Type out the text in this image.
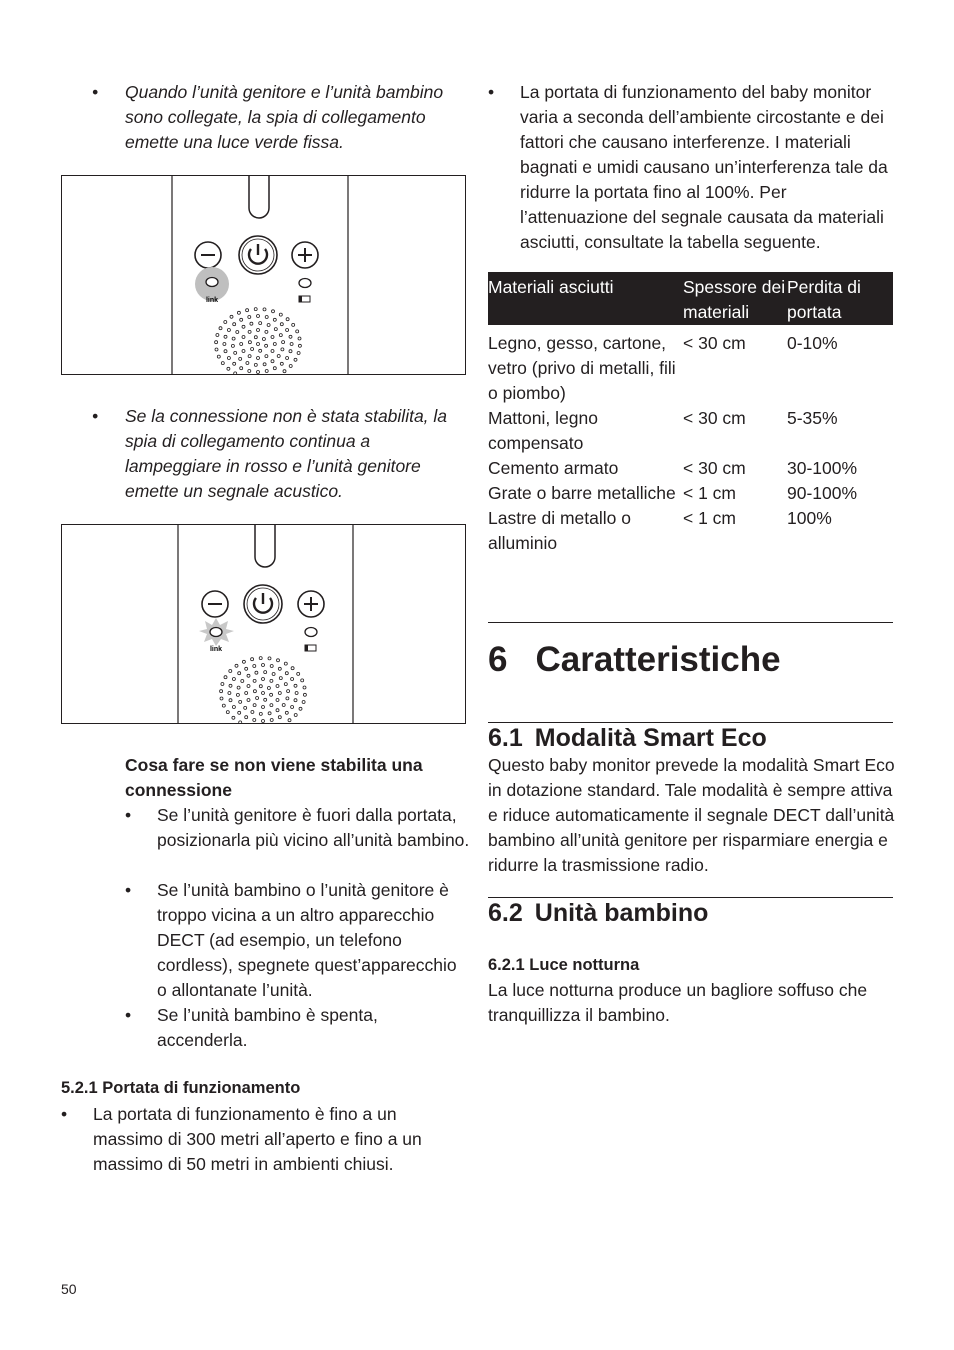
• Quando l’unità genitore e l’unità bambino sono collegate, la spia di collegamento emette una luce verde fissa.
link
• Se la connessione non è stata stabilita, la spia di collegamento continua a lampeggiare in rosso e l’unità genitore emette un segnale acustico.
link
Cosa fare se non viene stabilita una connessione
• Se l’unità genitore è fuori dalla portata, posizionarla più vicino all’unità bambino.
• Se l’unità bambino o l’unità genitore è troppo vicina a un altro apparecchio DECT (ad esempio, un telefono cordless), spegnete quest’apparecchio o allontanate l’unità.
• Se l’unità bambino è spenta, accenderla.
5.2.1 Portata di funzionamento
• La portata di funzionamento è fino a un massimo di 300 metri all’aperto e fino a un massimo di 50 metri in ambienti chiusi.
• La portata di funzionamento del baby monitor varia a seconda dell’ambiente circostante e dei fattori che causano interferenze. I materiali bagnati e umidi causano un’interferenza tale da ridurre la portata fino al 100%. Per l’attenuazione del segnale causata da materiali asciutti, consultate la tabella seguente.
Materiali asciutti	Spessore dei materiali	Perdita di portata
Legno, gesso, cartone, vetro (privo di metalli, fili o piombo)	< 30 cm	0-10%
Mattoni, legno compensato	< 30 cm	5-35%
Cemento armato	< 30 cm	30-100%
Grate o barre metalliche	< 1 cm	90-100%
Lastre di metallo o alluminio	< 1 cm	100%
6 Caratteristiche
6.1 Modalità Smart Eco
Questo baby monitor prevede la modalità Smart Eco in dotazione standard. Tale modalità è sempre attiva e riduce automaticamente il segnale DECT dall’unità bambino all’unità genitore per risparmiare energia e ridurre la trasmissione radio.
6.2 Unità bambino
6.2.1 Luce notturna
La luce notturna produce un bagliore soffuso che tranquillizza il bambino.
50
